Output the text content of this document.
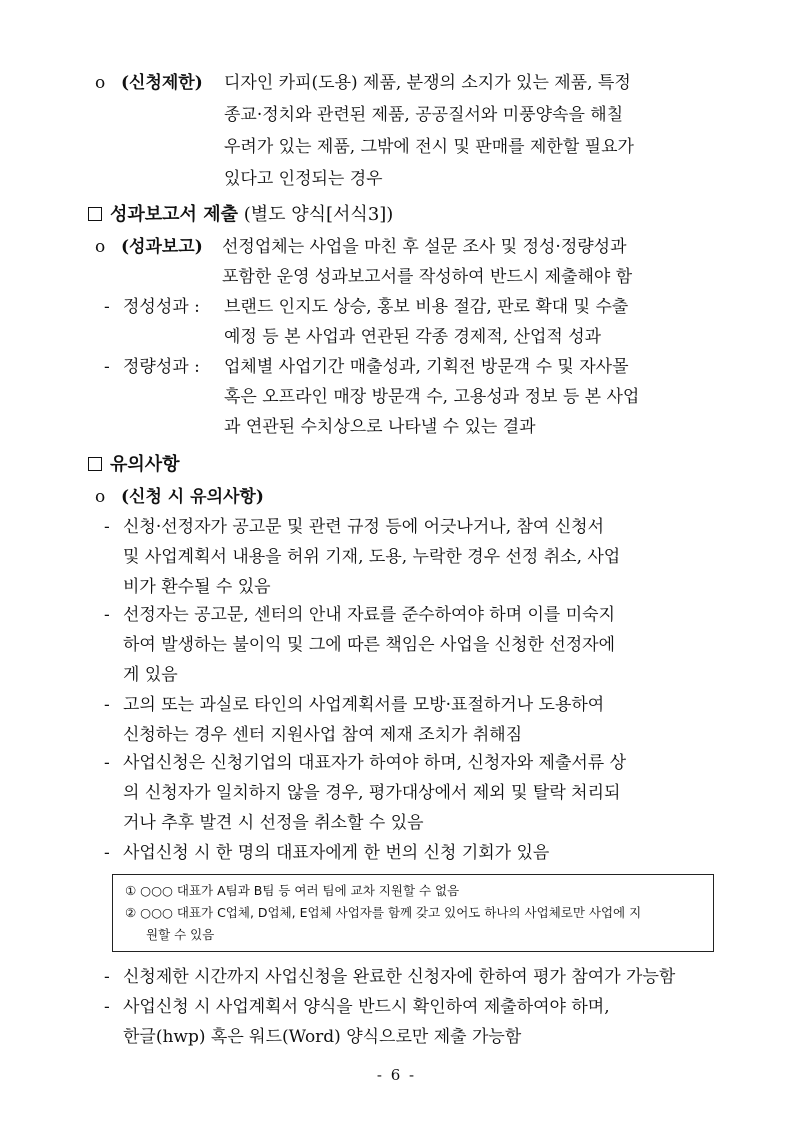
o (신청제한) 디자인 카피(도용) 제품, 분쟁의 소지가 있는 제품, 특정
종교·정치와 관련된 제품, 공공질서와 미풍양속을 해칠
우려가 있는 제품, 그밖에 전시 및 판매를 제한할 필요가
있다고 인정되는 경우
성과보고서 제출 (별도 양식[서식3])
o (성과보고) 선정업체는 사업을 마친 후 설문 조사 및 정성·정량성과
포함한 운영 성과보고서를 작성하여 반드시 제출해야 함
- 정성성과 : 브랜드 인지도 상승, 홍보 비용 절감, 판로 확대 및 수출
예정 등 본 사업과 연관된 각종 경제적, 산업적 성과
- 정량성과 : 업체별 사업기간 매출성과, 기획전 방문객 수 및 자사몰
혹은 오프라인 매장 방문객 수, 고용성과 정보 등 본 사업
과 연관된 수치상으로 나타낼 수 있는 결과
유의사항
o (신청 시 유의사항)
- 신청·선정자가 공고문 및 관련 규정 등에 어긋나거나, 참여 신청서
및 사업계획서 내용을 허위 기재, 도용, 누락한 경우 선정 취소, 사업
비가 환수될 수 있음
- 선정자는 공고문, 센터의 안내 자료를 준수하여야 하며 이를 미숙지
하여 발생하는 불이익 및 그에 따른 책임은 사업을 신청한 선정자에
게 있음
- 고의 또는 과실로 타인의 사업계획서를 모방·표절하거나 도용하여
신청하는 경우 센터 지원사업 참여 제재 조치가 취해짐
- 사업신청은 신청기업의 대표자가 하여야 하며, 신청자와 제출서류 상
의 신청자가 일치하지 않을 경우, 평가대상에서 제외 및 탈락 처리되
거나 추후 발견 시 선정을 취소할 수 있음
- 사업신청 시 한 명의 대표자에게 한 번의 신청 기회가 있음
① ○○○ 대표가 A팀과 B팀 등 여러 팀에 교차 지원할 수 없음
② ○○○ 대표가 C업체, D업체, E업체 사업자를 함께 갖고 있어도 하나의 사업체로만 사업에 지
원할 수 있음
- 신청제한 시간까지 사업신청을 완료한 신청자에 한하여 평가 참여가 가능함
- 사업신청 시 사업계획서 양식을 반드시 확인하여 제출하여야 하며,
한글(hwp) 혹은 워드(Word) 양식으로만 제출 가능함
- 6 -
